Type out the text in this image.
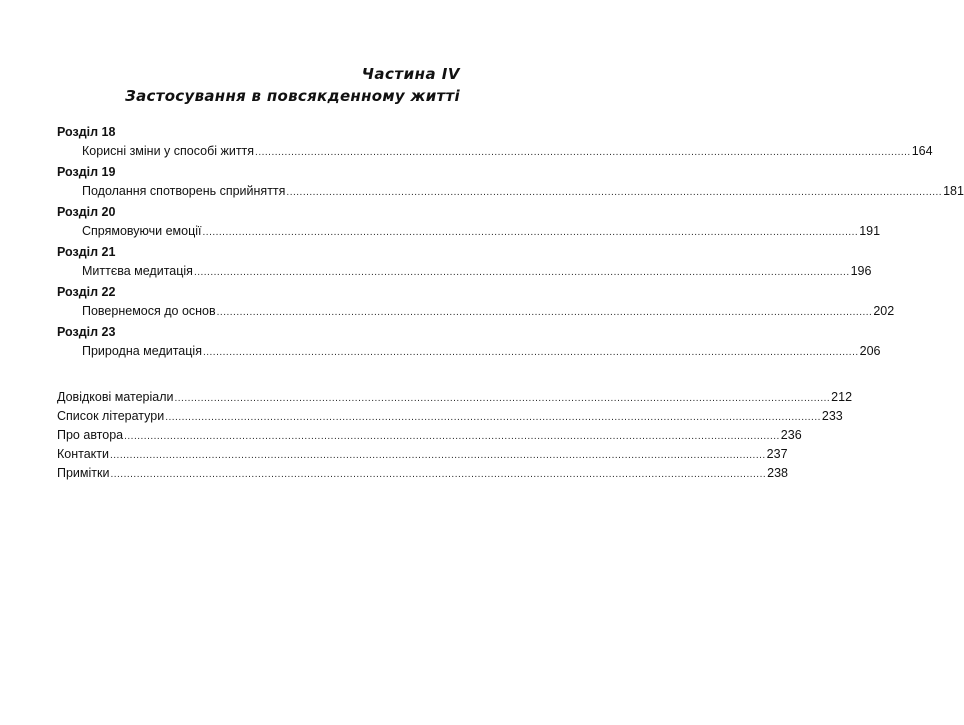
Частина IV
Застосування в повсякденному житті
Розділ 18
Корисні зміни у способі життя ........................................................................................................................................................................................................ 164
Розділ 19
Подолання спотворень сприйняття ........................................................................................................................................................................................................ 181
Розділ 20
Спрямовуючи емоції ........................................................................................................................................................................................................ 191
Розділ 21
Миттєва медитація ........................................................................................................................................................................................................ 196
Розділ 22
Повернемося до основ ........................................................................................................................................................................................................ 202
Розділ 23
Природна медитація ........................................................................................................................................................................................................ 206
Довідкові матеріали ........................................................................................................................................................................................................ 212
Список літератури ........................................................................................................................................................................................................ 233
Про автора ........................................................................................................................................................................................................ 236
Контакти ........................................................................................................................................................................................................ 237
Примітки ........................................................................................................................................................................................................ 238
